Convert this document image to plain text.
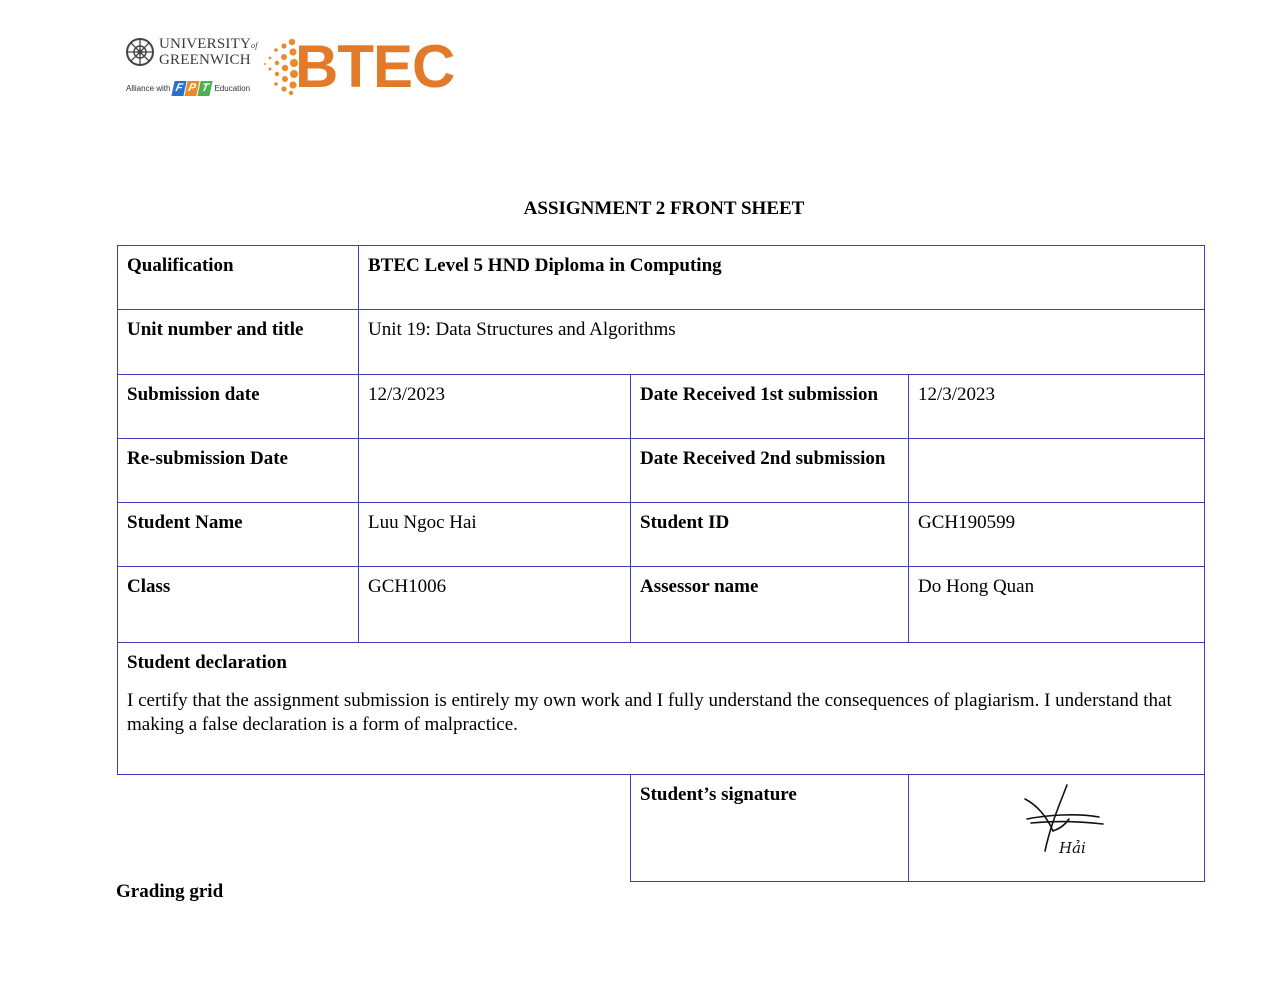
UNIVERSITYof
GREENWICH
Alliance with F P T Education BTEC
ASSIGNMENT 2 FRONT SHEET
Qualification	BTEC Level 5 HND Diploma in Computing		
Unit number and title	Unit 19: Data Structures and Algorithms		
Submission date	12/3/2023	Date Received 1st submission	12/3/2023
Re-submission Date		Date Received 2nd submission	
Student Name	Luu Ngoc Hai	Student ID	GCH190599
Class	GCH1006	Assessor name	Do Hong Quan

Student declaration
I certify that the assignment submission is entirely my own work and I fully understand the consequences of plagiarism. I understand that making a false declaration is a form of malpractice.			

		Student’s signature	Hải
Grading grid
